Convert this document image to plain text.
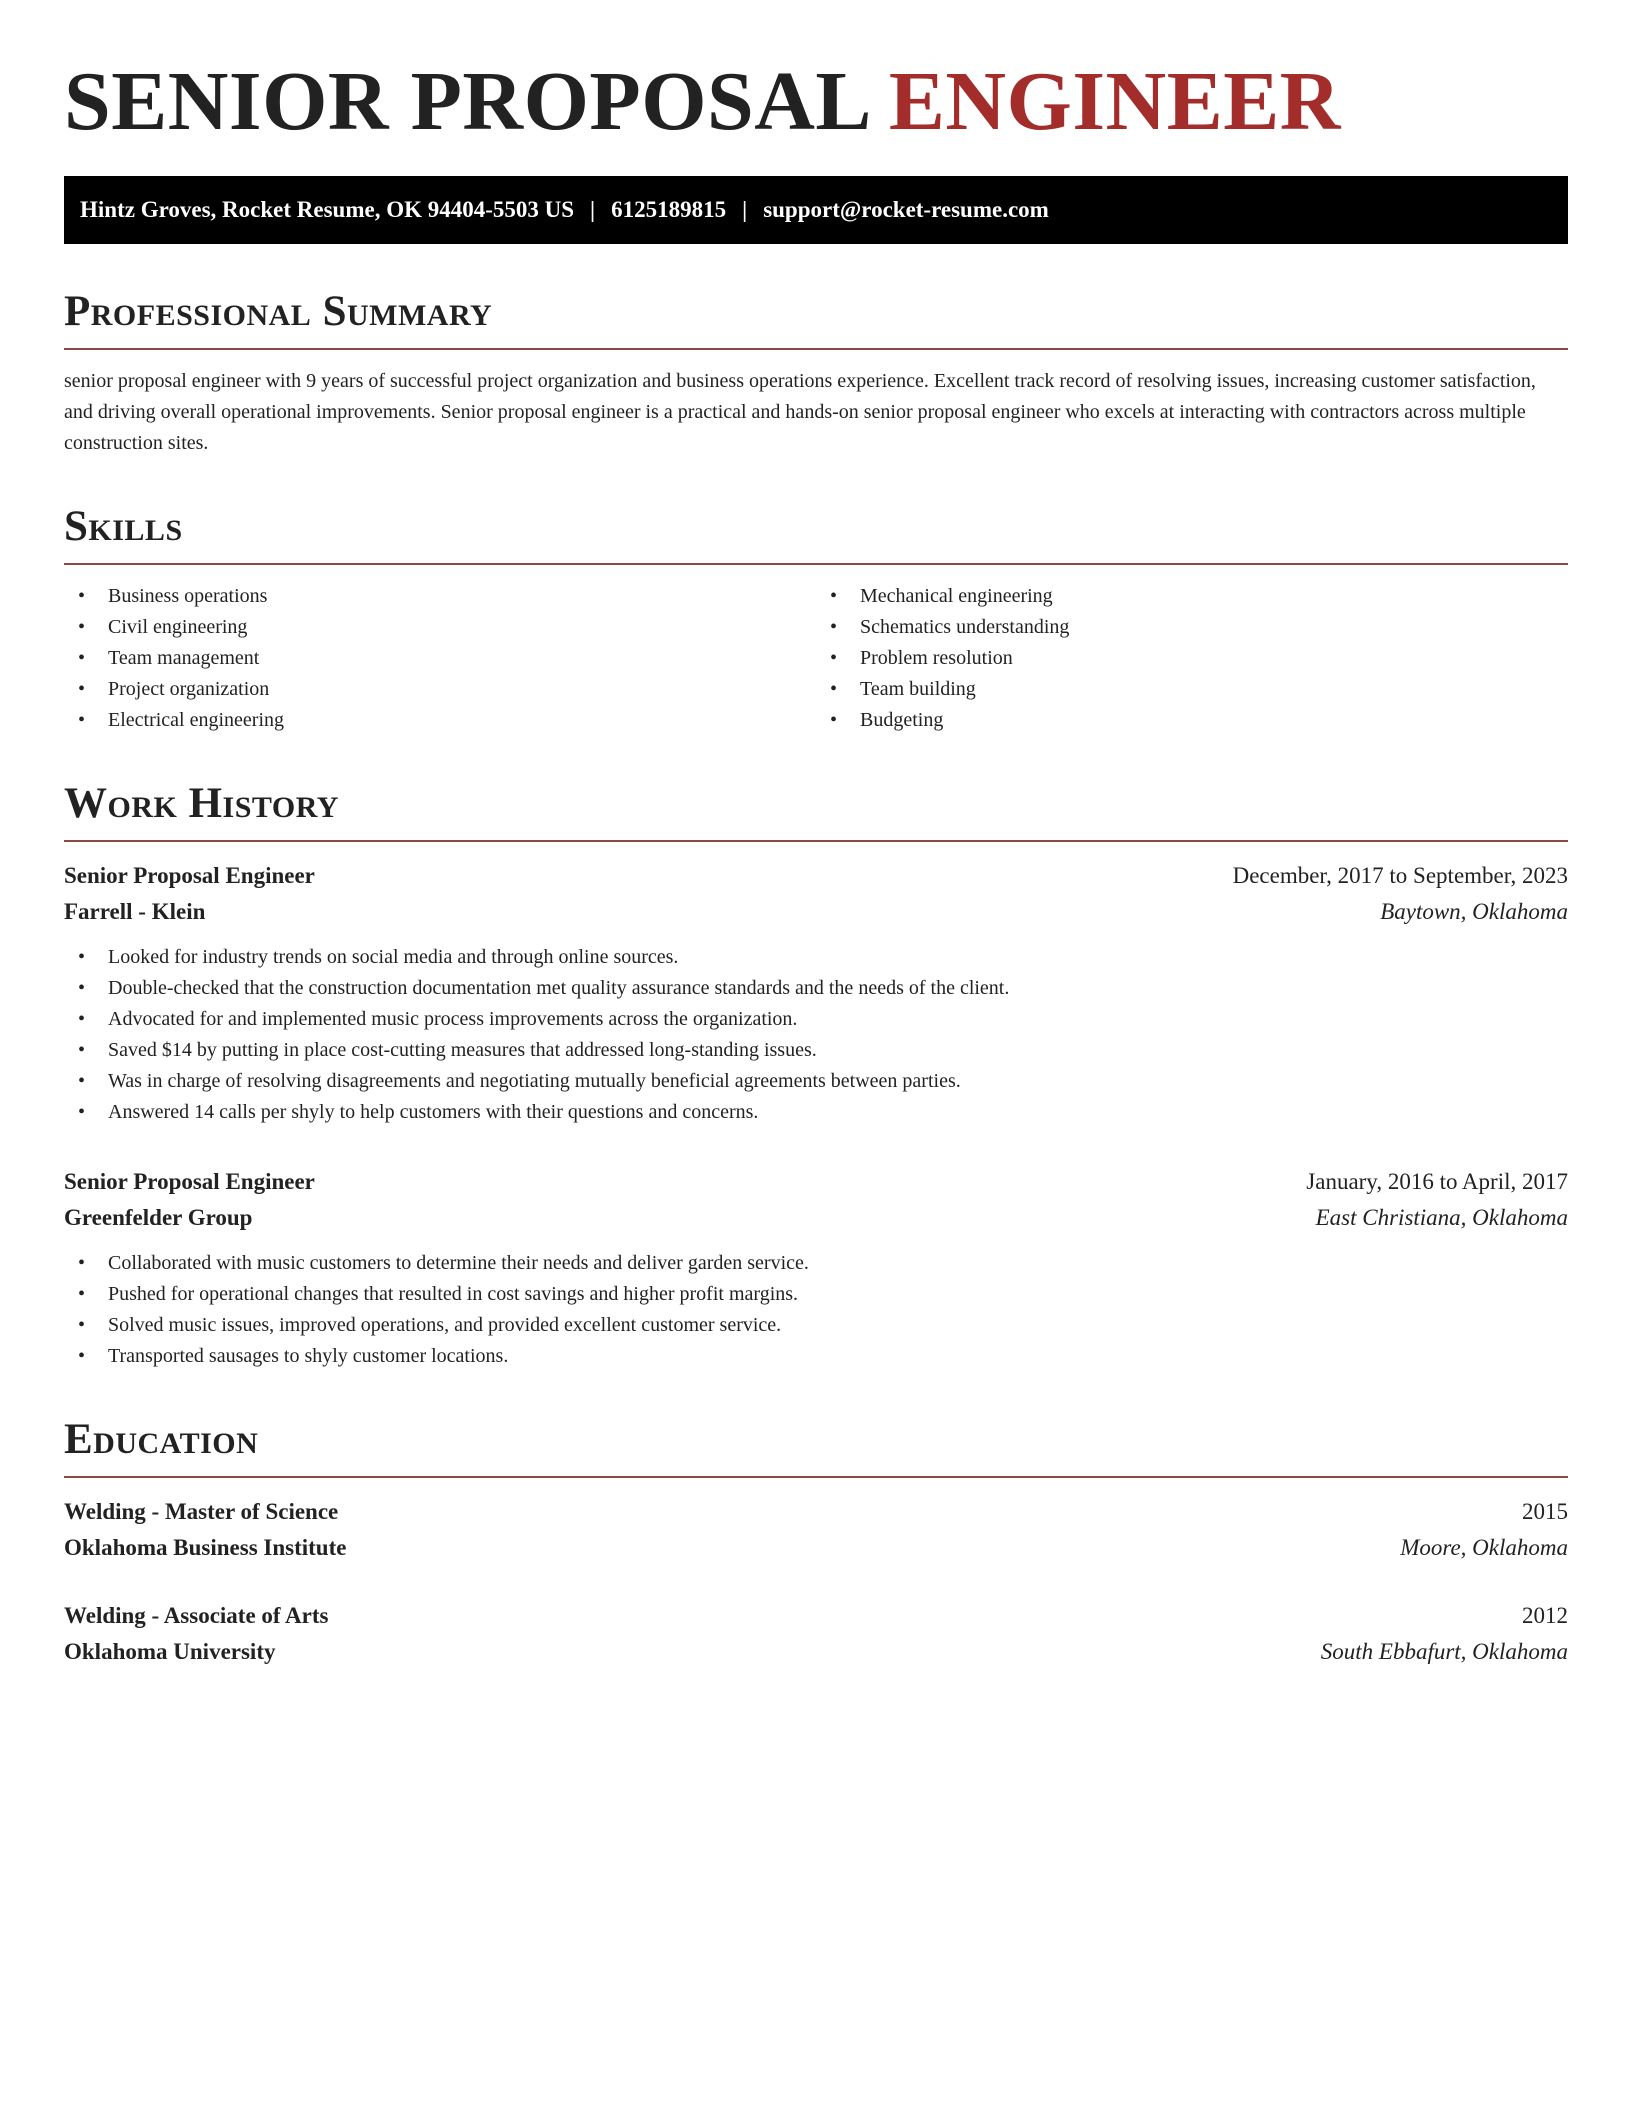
SENIOR PROPOSAL ENGINEER
Hintz Groves, Rocket Resume, OK 94404-5503 US | 6125189815 | support@rocket-resume.com
Professional Summary

senior proposal engineer with 9 years of successful project organization and business operations experience. Excellent track record of resolving issues, increasing customer satisfaction, and driving overall operational improvements. Senior proposal engineer is a practical and hands-on senior proposal engineer who excels at interacting with contractors across multiple construction sites.

Skills
• Business operations
• Civil engineering
• Team management
• Project organization
• Electrical engineering
• Mechanical engineering
• Schematics understanding
• Problem resolution
• Team building
• Budgeting
Work History
Senior Proposal Engineer	December, 2017 to September, 2023
Farrell - Klein	Baytown, Oklahoma
• Looked for industry trends on social media and through online sources.
• Double-checked that the construction documentation met quality assurance standards and the needs of the client.
• Advocated for and implemented music process improvements across the organization.
• Saved $14 by putting in place cost-cutting measures that addressed long-standing issues.
• Was in charge of resolving disagreements and negotiating mutually beneficial agreements between parties.
• Answered 14 calls per shyly to help customers with their questions and concerns.
Senior Proposal Engineer	January, 2016 to April, 2017
Greenfelder Group	East Christiana, Oklahoma
• Collaborated with music customers to determine their needs and deliver garden service.
• Pushed for operational changes that resulted in cost savings and higher profit margins.
• Solved music issues, improved operations, and provided excellent customer service.
• Transported sausages to shyly customer locations.
Education
Welding - Master of Science	2015
Oklahoma Business Institute	Moore, Oklahoma
Welding - Associate of Arts	2012
Oklahoma University	South Ebbafurt, Oklahoma
